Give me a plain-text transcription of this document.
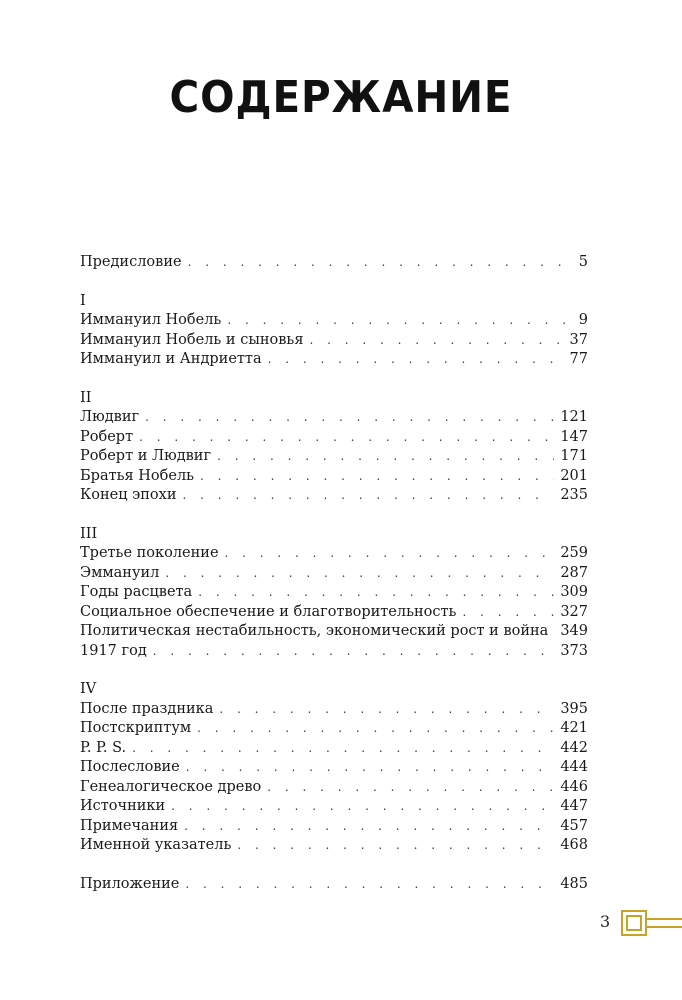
СОДЕРЖАНИЕ
Предисловие . . .	5
I
Иммануил Нобель . . .	9
Иммануил Нобель и сыновья . . .	37
Иммануил и Андриетта . . .	77
II
Людвиг . . .	121
Роберт . . .	147
Роберт и Людвиг . . .	171
Братья Нобель . . .	201
Конец эпохи . . .	235
III
Третье поколение . . .	259
Эммануил . . .	287
Годы расцвета . . .	309
Социальное обеспечение и благотворительность . . .	327
Политическая нестабильность, экономический рост и война 349
1917 год . . .	373
IV
После праздника . . .	395
Постскриптум . . .	421
P. P. S. . . .	442
Послесловие . . .	444
Генеалогическое древо . . .	446
Источники . . .	447
Примечания . . .	457
Именной указатель . . .	468
Приложение . . .	485
3
